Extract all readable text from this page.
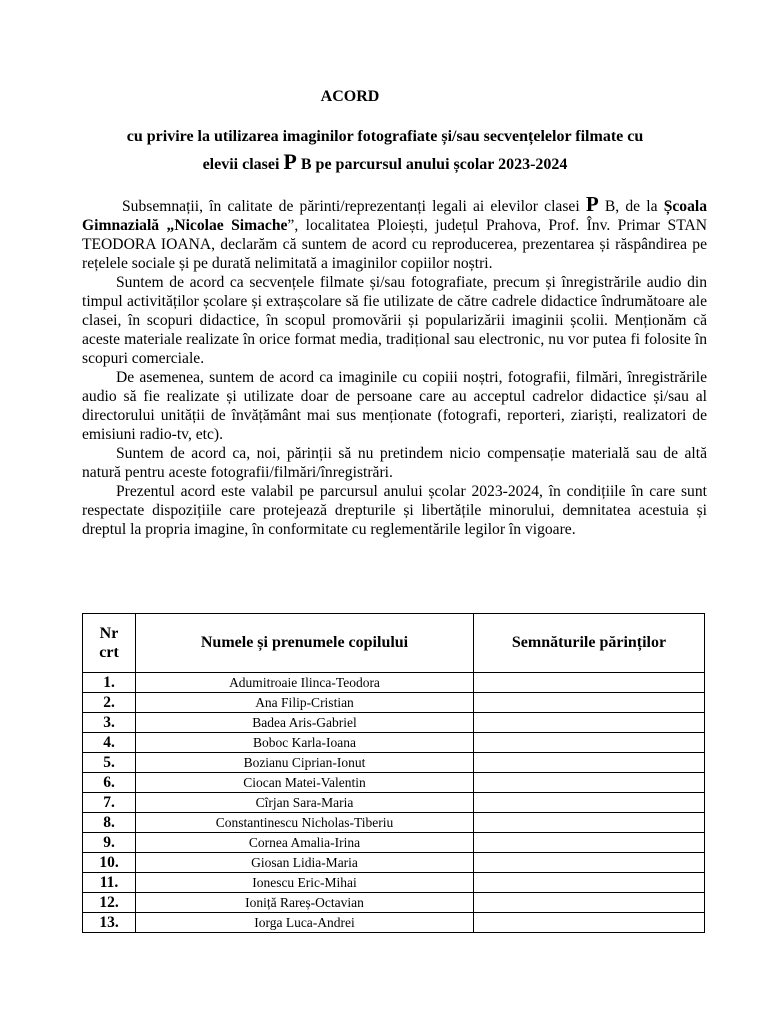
ACORD
cu privire la utilizarea imaginilor fotografiate și/sau secvențelelor filmate cu
elevii clasei P B pe parcursul anului școlar 2023-2024

Subsemnații, în calitate de părinti/reprezentanți legali ai elevilor clasei P B, de la Școala Gimnazială „Nicolae Simache”, localitatea Ploiești, județul Prahova, Prof. Înv. Primar STAN TEODORA IOANA, declarăm că suntem de acord cu reproducerea, prezentarea și răspândirea pe rețelele sociale și pe durată nelimitată a imaginilor copiilor noștri.

Suntem de acord ca secvențele filmate și/sau fotografiate, precum și înregistrările audio din timpul activităților școlare și extrașcolare să fie utilizate de către cadrele didactice îndrumătoare ale clasei, în scopuri didactice, în scopul promovării și popularizării imaginii școlii. Menționăm că aceste materiale realizate în orice format media, tradițional sau electronic, nu vor putea fi folosite în scopuri comerciale.

De asemenea, suntem de acord ca imaginile cu copiii noștri, fotografii, filmări, înregistrările audio să fie realizate și utilizate doar de persoane care au acceptul cadrelor didactice și/sau al directorului unității de învățământ mai sus menționate (fotografi, reporteri, ziariști, realizatori de emisiuni radio-tv, etc).

Suntem de acord ca, noi, părinții să nu pretindem nicio compensație materială sau de altă natură pentru aceste fotografii/filmări/înregistrări.

Prezentul acord este valabil pe parcursul anului școlar 2023-2024, în condițiile în care sunt respectate dispozițiile care protejează drepturile și libertățile minorului, demnitatea acestuia și dreptul la propria imagine, în conformitate cu reglementările legilor în vigoare.

Nr
crt	Numele și prenumele copilului	Semnăturile părinților
1.	Adumitroaie Ilinca-Teodora	
2.	Ana Filip-Cristian	
3.	Badea Aris-Gabriel	
4.	Boboc Karla-Ioana	
5.	Bozianu Ciprian-Ionut	
6.	Ciocan Matei-Valentin	
7.	Cîrjan Sara-Maria	
8.	Constantinescu Nicholas-Tiberiu	
9.	Cornea Amalia-Irina	
10.	Giosan Lidia-Maria	
11.	Ionescu Eric-Mihai	
12.	Ioniță Rareș-Octavian	
13.	Iorga Luca-Andrei	
